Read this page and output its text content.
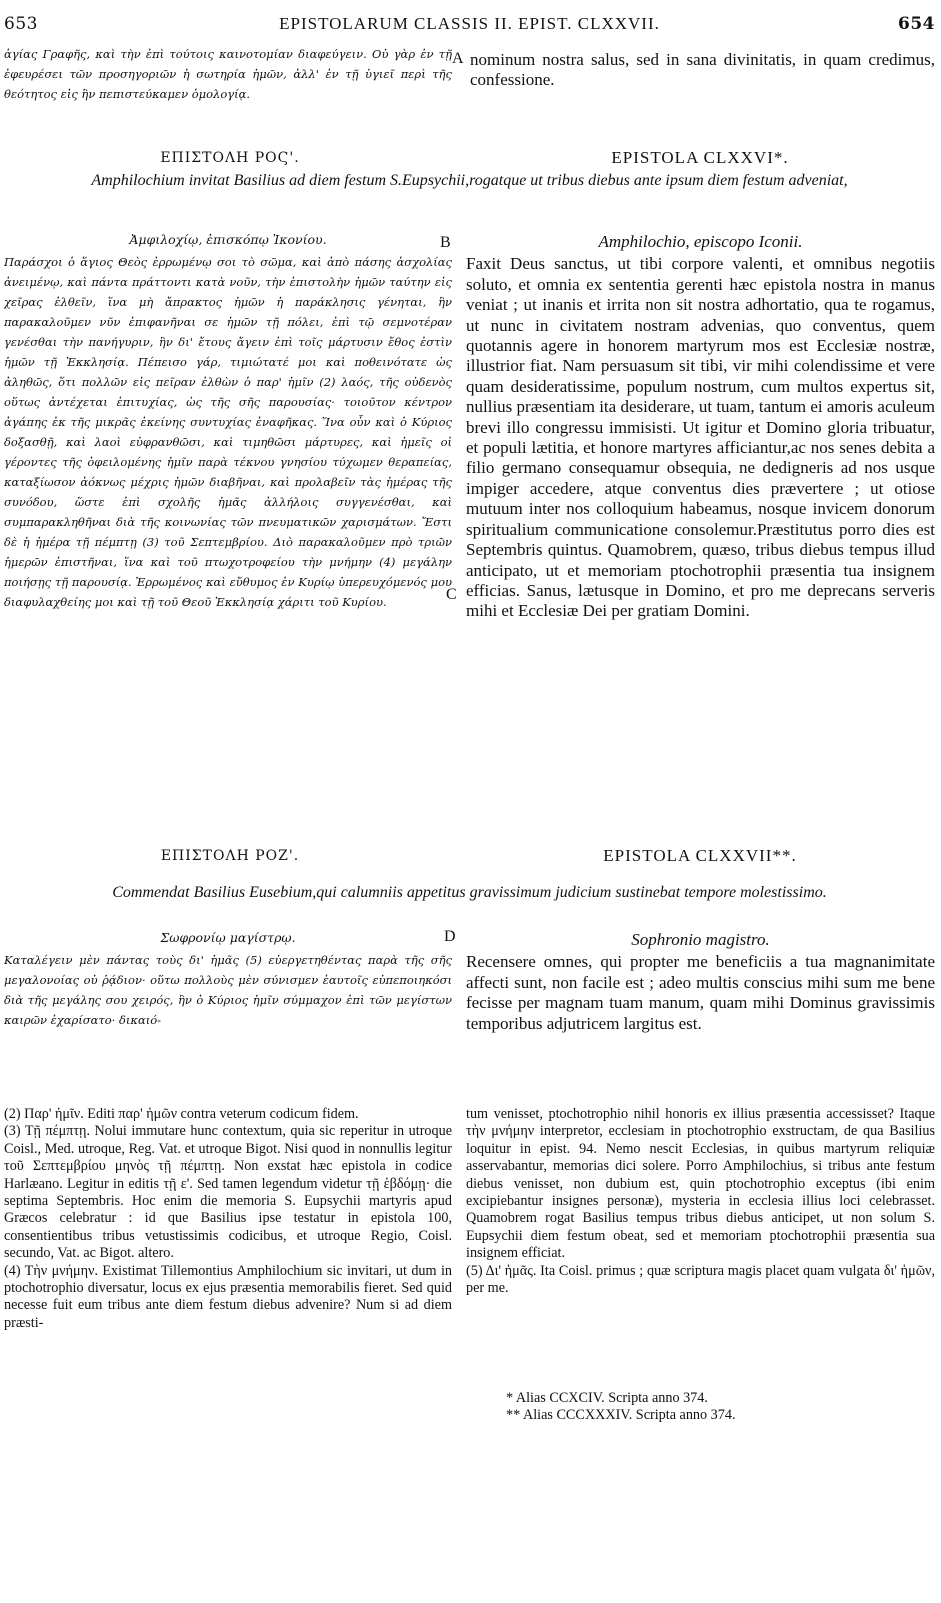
653	EPISTOLARUM CLASSIS II. EPIST. CLXXVII.	654

ἁγίας Γραφῆς, καὶ τὴν ἐπὶ τούτοις καινοτομίαν διαφεύγειν. Οὐ γὰρ ἐν τῇ ἐφευρέσει τῶν προσηγοριῶν ἡ σωτηρία ἡμῶν, ἀλλ' ἐν τῇ ὑγιεῖ περὶ τῆς θεότητος εἰς ἣν πεπιστεύκαμεν ὁμολογίᾳ.

A nominum nostra salus, sed in sana divinitatis, in quam credimus, confessione.

ΕΠΙΣΤΟΛΗ ΡΟϚ'.	EPISTOLA CLXXVI*.
Amphilochium invitat Basilius ad diem festum S.Eupsychii,rogatque ut tribus diebus ante ipsum diem festum adveniat,
Ἀμφιλοχίῳ, ἐπισκόπῳ Ἰκονίου.

Παράσχοι ὁ ἅγιος Θεὸς ἐρρωμένῳ σοι τὸ σῶμα, καὶ ἀπὸ πάσης ἀσχολίας ἀνειμένῳ, καὶ πάντα πράττοντι κατὰ νοῦν, τὴν ἐπιστολὴν ἡμῶν ταύτην εἰς χεῖρας ἐλθεῖν, ἵνα μὴ ἄπρακτος ἡμῶν ἡ παράκλησις γένηται, ἣν παρακαλοῦμεν νῦν ἐπιφανῆναι σε ἡμῶν τῇ πόλει, ἐπὶ τῷ σεμνοτέραν γενέσθαι τὴν πανήγυριν, ἣν δι' ἔτους ἄγειν ἐπὶ τοῖς μάρτυσιν ἔθος ἐστὶν ἡμῶν τῇ Ἐκκλησίᾳ. Πέπεισο γάρ, τιμιώτατέ μοι καὶ ποθεινότατε ὡς ἀληθῶς, ὅτι πολλῶν εἰς πεῖραν ἐλθὼν ὁ παρ' ἡμῖν (2) λαός, τῆς οὐδενὸς οὕτως ἀντέχεται ἐπιτυχίας, ὡς τῆς σῆς παρουσίας· τοιοῦτον κέντρον ἀγάπης ἐκ τῆς μικρᾶς ἐκείνης συντυχίας ἐναφῆκας. Ἵνα οὖν καὶ ὁ Κύριος δοξασθῇ, καὶ λαοὶ εὐφρανθῶσι, καὶ τιμηθῶσι μάρτυρες, καὶ ἡμεῖς οἱ γέροντες τῆς ὀφειλομένης ἡμῖν παρὰ τέκνου γνησίου τύχωμεν θεραπείας, καταξίωσον ἀόκνως μέχρις ἡμῶν διαβῆναι, καὶ προλαβεῖν τὰς ἡμέρας τῆς συνόδου, ὥστε ἐπὶ σχολῆς ἡμᾶς ἀλλήλοις συγγενέσθαι, καὶ συμπαρακληθῆναι διὰ τῆς κοινωνίας τῶν πνευματικῶν χαρισμάτων. Ἔστι δὲ ἡ ἡμέρα τῇ πέμπτῃ (3) τοῦ Σεπτεμβρίου. Διὸ παρακαλοῦμεν πρὸ τριῶν ἡμερῶν ἐπιστῆναι, ἵνα καὶ τοῦ πτωχοτροφείου τὴν μνήμην (4) μεγάλην ποιήσῃς τῇ παρουσίᾳ. Ἐρρωμένος καὶ εὔθυμος ἐν Κυρίῳ ὑπερευχόμενός μου διαφυλαχθείης μοι καὶ τῇ τοῦ Θεοῦ Ἐκκλησίᾳ χάριτι τοῦ Κυρίου.

B
C
Amphilochio, episcopo Iconii.

Faxit Deus sanctus, ut tibi corpore valenti, et omnibus negotiis soluto, et omnia ex sententia gerenti hæc epistola nostra in manus veniat ; ut inanis et irrita non sit nostra adhortatio, qua te rogamus, ut nunc in civitatem nostram advenias, quo conventus, quem quotannis agere in honorem martyrum mos est Ecclesiæ nostræ, illustrior fiat. Nam persuasum sit tibi, vir mihi colendissime et vere quam desideratissime, populum nostrum, cum multos expertus sit, nullius præsentiam ita desiderare, ut tuam, tantum ei amoris aculeum brevi illo congressu immisisti. Ut igitur et Domino gloria tribuatur, et populi lætitia, et honore martyres afficiantur,ac nos senes debita a filio germano consequamur obsequia, ne dedigneris ad nos usque impiger accedere, atque conventus dies prævertere ; ut otiose mutuum inter nos colloquium habeamus, nosque invicem donorum spiritualium communicatione consolemur.Præstitutus porro dies est Septembris quintus. Quamobrem, quæso, tribus diebus tempus illud anticipato, ut et memoriam ptochotrophii præsentia tua insignem efficias. Sanus, lætusque in Domino, et pro me deprecans serveris mihi et Ecclesiæ Dei per gratiam Domini.

ΕΠΙΣΤΟΛΗ ΡΟΖ'.	EPISTOLA CLXXVII**.
Commendat Basilius Eusebium,qui calumniis appetitus gravissimum judicium sustinebat tempore molestissimo.
Σωφρονίῳ μαγίστρῳ.

Καταλέγειν μὲν πάντας τοὺς δι' ἡμᾶς (5) εὐεργετηθέντας παρὰ τῆς σῆς μεγαλονοίας οὐ ῥᾴδιον· οὕτω πολλοὺς μὲν σύνισμεν ἑαυτοῖς εὐπεποιηκόσι διὰ τῆς μεγάλης σου χειρός, ἣν ὁ Κύριος ἡμῖν σύμμαχον ἐπὶ τῶν μεγίστων καιρῶν ἐχαρίσατο· δικαιό-

D	Sophronio magistro.

Recensere omnes, qui propter me beneficiis a tua magnanimitate affecti sunt, non facile est ; adeo multis conscius mihi sum me bene fecisse per magnam tuam manum, quam mihi Dominus gravissimis temporibus adjutricem largitus est.

(2) Παρ' ἡμῖν. Editi παρ' ἡμῶν contra veterum codicum fidem.

(3) Τῇ πέμπτῃ. Nolui immutare hunc contextum, quia sic reperitur in utroque Coisl., Med. utroque, Reg. Vat. et utroque Bigot. Nisi quod in nonnullis legitur τοῦ Σεπτεμβρίου μηνὸς τῇ πέμπτῃ. Non exstat hæc epistola in codice Harlæano. Legitur in editis τῇ ε'. Sed tamen legendum videtur τῇ ἑβδόμῃ· die septima Septembris. Hoc enim die memoria S. Eupsychii martyris apud Græcos celebratur : id que Basilius ipse testatur in epistola 100, consentientibus tribus vetustissimis codicibus, et utroque Regio, Coisl. secundo, Vat. ac Bigot. altero.

(4) Τὴν μνήμην. Existimat Tillemontius Amphilochium sic invitari, ut dum in ptochotrophio diversatur, locus ex ejus præsentia memorabilis fieret. Sed quid necesse fuit eum tribus ante diem festum diebus advenire? Num si ad diem præsti-

tum venisset, ptochotrophio nihil honoris ex illius præsentia accessisset? Itaque τὴν μνήμην interpretor, ecclesiam in ptochotrophio exstructam, de qua Basilius loquitur in epist. 94. Nemo nescit Ecclesias, in quibus martyrum reliquiæ asservabantur, memorias dici solere. Porro Amphilochius, si tribus ante festum diebus venisset, non dubium est, quin ptochotrophio exceptus (ibi enim excipiebantur insignes personæ), mysteria in ecclesia illius loci celebrasset. Quamobrem rogat Basilius tempus tribus diebus anticipet, ut non solum S. Eupsychii diem festum obeat, sed et memoriam ptochotrophii præsentia sua insignem efficiat.

(5) Δι' ἡμᾶς. Ita Coisl. primus ; quæ scriptura magis placet quam vulgata δι' ἡμῶν, per me.

* Alias CCXCIV. Scripta anno 374.
** Alias CCCXXXIV. Scripta anno 374.
